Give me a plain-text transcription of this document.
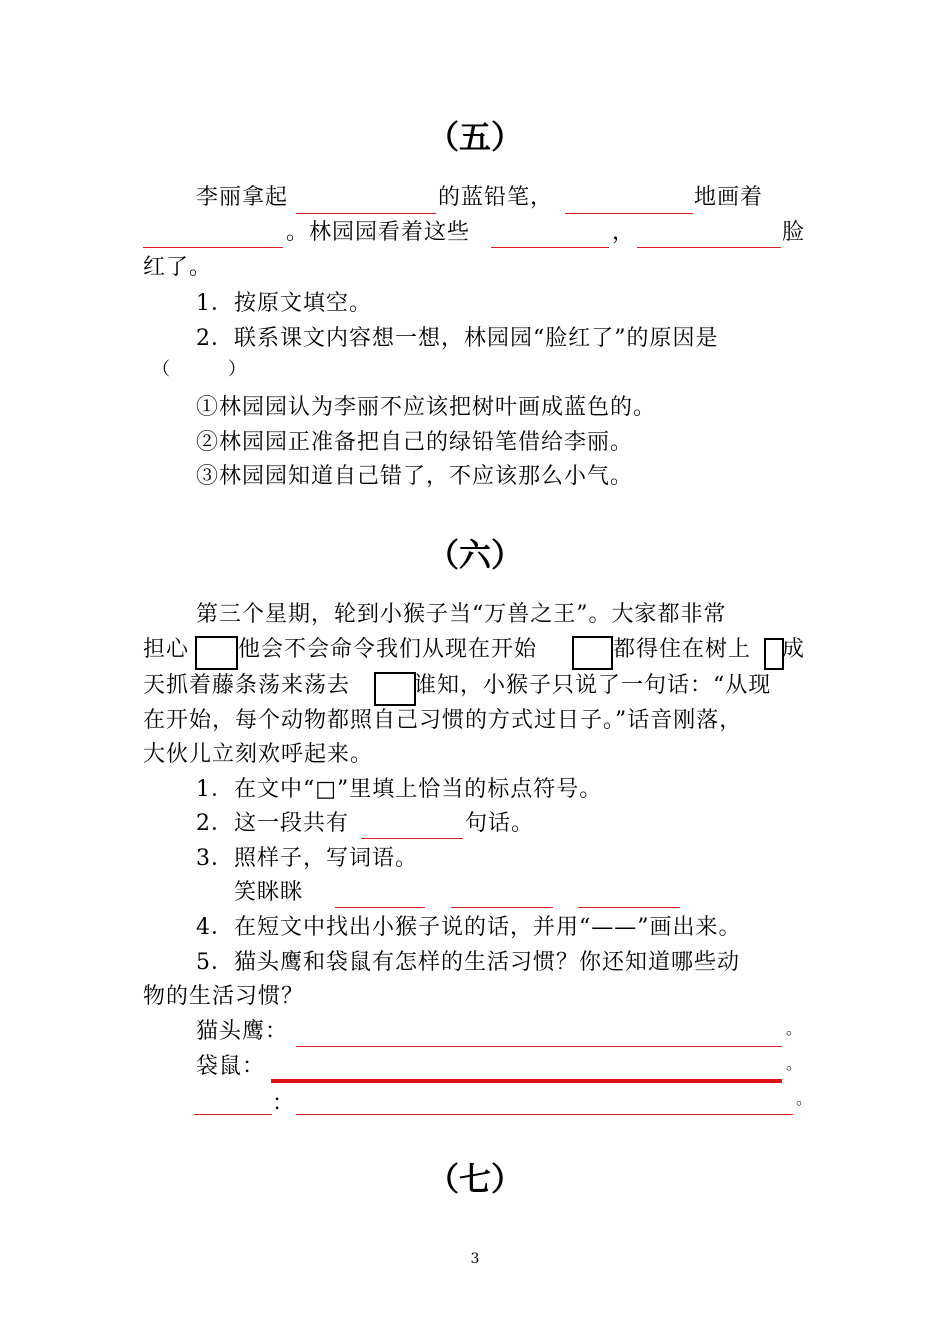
（五）
李丽拿起	的蓝铅笔，	地画着
。林园园看着这些	，	脸
红了。
1．按原文填空。
2．联系课文内容想一想，林园园“脸红了”的原因是
（　　　）
①林园园认为李丽不应该把树叶画成蓝色的。
②林园园正准备把自己的绿铅笔借给李丽。
③林园园知道自己错了，不应该那么小气。
（六）
第三个星期，轮到小猴子当“万兽之王”。大家都非常
担心 他会不会命令我们从现在开始	都得住在树上 成
天抓着藤条荡来荡去	谁知，小猴子只说了一句话：“从现
在开始，每个动物都照自己习惯的方式过日子。”话音刚落，
大伙儿立刻欢呼起来。
1．在文中“□”里填上恰当的标点符号。
2．这一段共有	句话。
3．照样子，写词语。
笑眯眯
4．在短文中找出小猴子说的话，并用“——”画出来。
5．猫头鹰和袋鼠有怎样的生活习惯？你还知道哪些动
物的生活习惯？
猫头鹰：	。
袋鼠：	。
：	。
（七）
3
